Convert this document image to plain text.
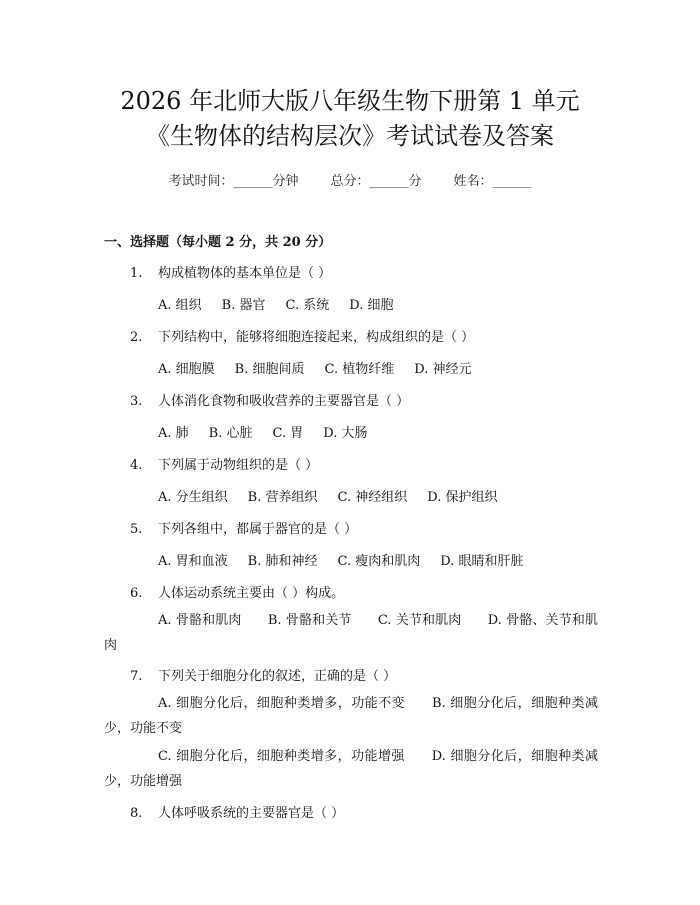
2026 年北师大版八年级生物下册第 1 单元
《生物体的结构层次》考试试卷及答案
考试时间：______分钟 总分：______分 姓名：______
一、选择题（每小题 2 分，共 20 分）
1. 构成植物体的基本单位是（ ）
A. 组织 B. 器官 C. 系统 D. 细胞
2. 下列结构中，能够将细胞连接起来，构成组织的是（ ）
A. 细胞膜 B. 细胞间质 C. 植物纤维 D. 神经元
3. 人体消化食物和吸收营养的主要器官是（ ）
A. 肺 B. 心脏 C. 胃 D. 大肠
4. 下列属于动物组织的是（ ）
A. 分生组织 B. 营养组织 C. 神经组织 D. 保护组织
5. 下列各组中，都属于器官的是（ ）
A. 胃和血液 B. 肺和神经 C. 瘦肉和肌肉 D. 眼睛和肝脏
6. 人体运动系统主要由（ ）构成。
A. 骨骼和肌肉　　B. 骨骼和关节　　C. 关节和肌肉　　D. 骨骼、关节和肌肉
7. 下列关于细胞分化的叙述，正确的是（ ）
A. 细胞分化后，细胞种类增多，功能不变　　B. 细胞分化后，细胞种类减少，功能不变
C. 细胞分化后，细胞种类增多，功能增强　　D. 细胞分化后，细胞种类减少，功能增强
8. 人体呼吸系统的主要器官是（ ）
